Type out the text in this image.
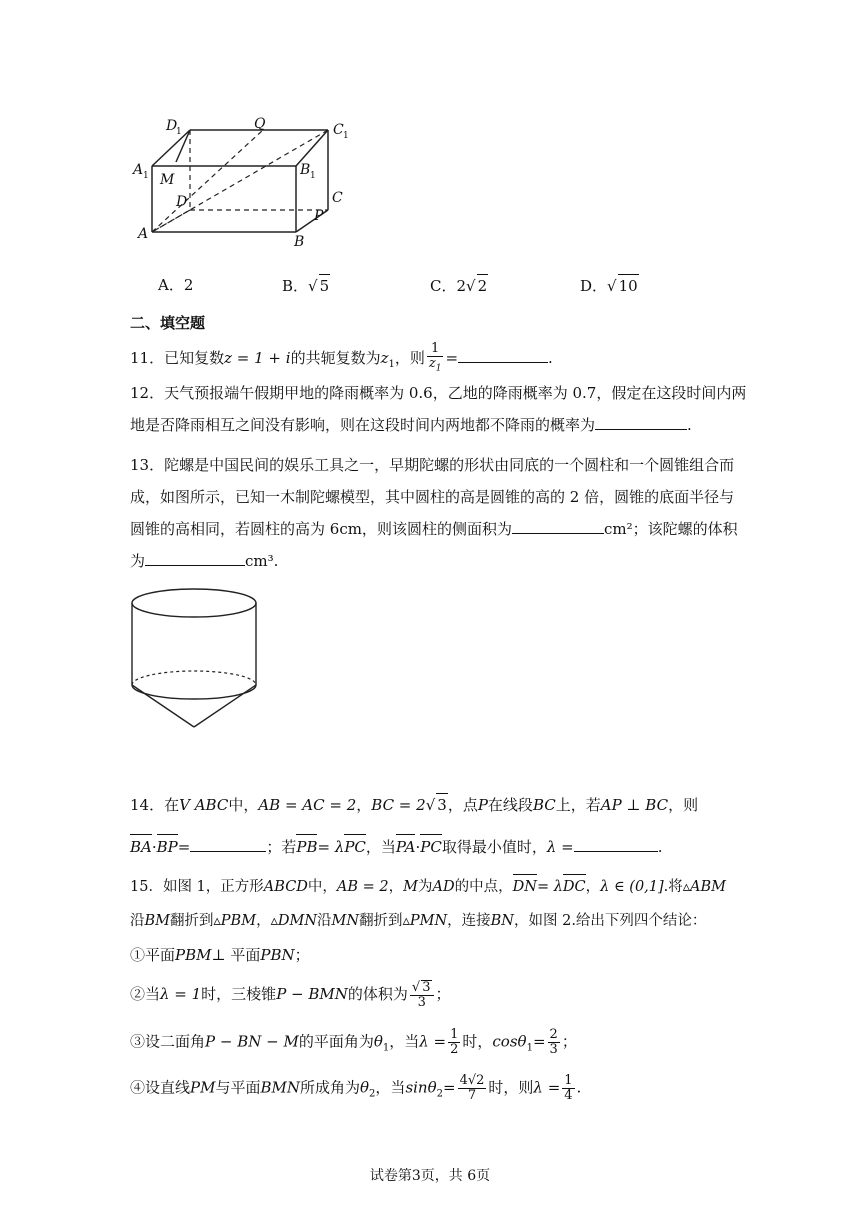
D
1	Q	C 1
A 1 M
B 1
D	C
A
P
B
A．2	B．√ 5	C．2√ 2	D．√ 10
二、填空题
11．已知复数z = 1 + i的共轭复数为$z_1$，则 $\frac{1}{z_1}$ =	.
12．天气预报端午假期甲地的降雨概率为 0.6，乙地的降雨概率为 0.7，假定在这段时间内两
地是否降雨相互之间没有影响，则在这段时间内两地都不降雨的概率为	.
13．陀螺是中国民间的娱乐工具之一，早期陀螺的形状由同底的一个圆柱和一个圆锥组合而
成，如图所示，已知一木制陀螺模型，其中圆柱的高是圆锥的高的 2 倍，圆锥的底面半径与
圆锥的高相同，若圆柱的高为 6cm，则该圆柱的侧面积为	cm²；该陀螺的体积
为	cm³.
14．在V ABC中，AB = AC = 2，BC = 2√ 3，点P在线段BC上，若AP ⊥ BC，则
BA·BP=	；若PB= λPC，当PA·PC取得最小值时，λ =	.
15．如图 1，正方形ABCD中，AB = 2，M为AD的中点，DN= λDC，λ ∈ (0,1].将▵ABM
沿BM翻折到▵PBM，▵DMN沿MN翻折到▵PMN，连接BN，如图 2.给出下列四个结论：
①平面PBM⊥ 平面PBN；
②当λ = 1时，三棱锥P − BMN的体积为 $\frac{√ 3}{3}$ ；
③设二面角P − BN − M的平面角为$\theta_1$，当$\lambda = \frac{1}{2}$ 时，$\cos\theta_1= \frac{2}{3}$ ；
④设直线PM与平面BMN所成角为$\theta_2$，当$\sin\theta_2= \frac{4√2}{7}$ 时，则$\lambda = \frac{1}{4}$ .
试卷第3页，共 6页
